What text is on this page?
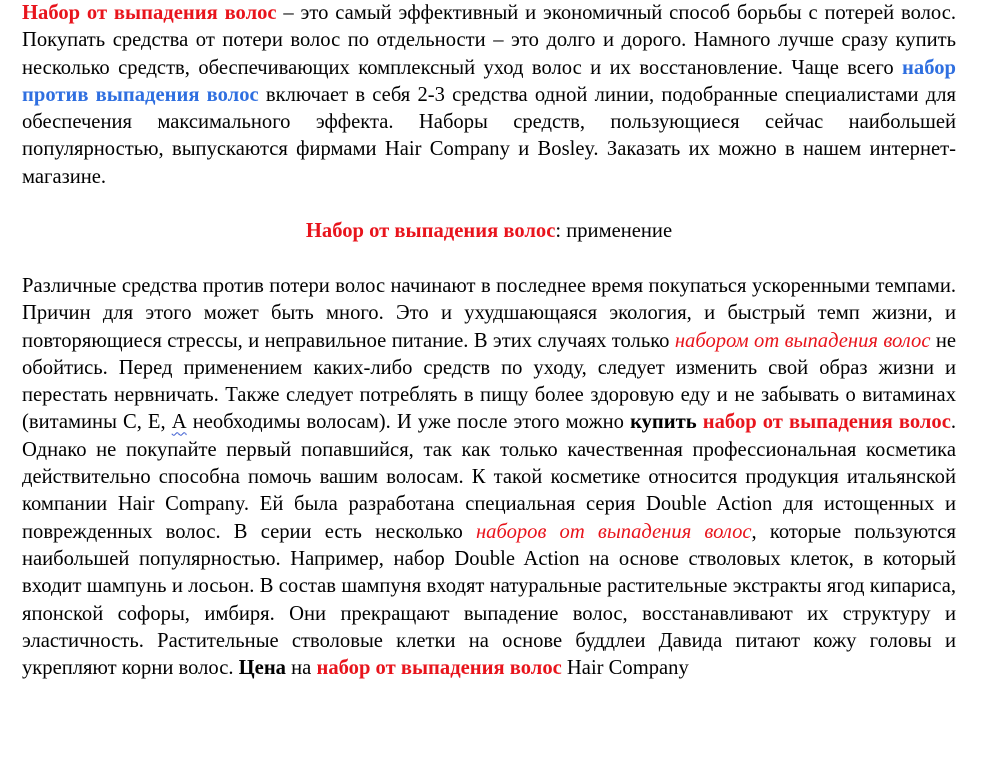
Набор от выпадения волос – это самый эффективный и экономичный способ борьбы с потерей волос. Покупать средства от потери волос по отдельности – это долго и дорого. Намного лучше сразу купить несколько средств, обеспечивающих комплексный уход волос и их восстановление. Чаще всего набор против выпадения волос включает в себя 2-3 средства одной линии, подобранные специалистами для обеспечения максимального эффекта. Наборы средств, пользующиеся сейчас наибольшей популярностью, выпускаются фирмами Hair Company и Bosley. Заказать их можно в нашем интернет-магазине.

Набор от выпадения волос: применение

Различные средства против потери волос начинают в последнее время покупаться ускоренными темпами. Причин для этого может быть много. Это и ухудшающаяся экология, и быстрый темп жизни, и повторяющиеся стрессы, и неправильное питание. В этих случаях только набором от выпадения волос не обойтись. Перед применением каких-либо средств по уходу, следует изменить свой образ жизни и перестать нервничать. Также следует потреблять в пищу более здоровую еду и не забывать о витаминах (витамины С, Е, А необходимы волосам). И уже после этого можно купить набор от выпадения волос. Однако не покупайте первый попавшийся, так как только качественная профессиональная косметика действительно способна помочь вашим волосам. К такой косметике относится продукция итальянской компании Hair Company. Ей была разработана специальная серия Double Action для истощенных и поврежденных волос. В серии есть несколько наборов от выпадения волос, которые пользуются наибольшей популярностью. Например, набор Double Action на основе стволовых клеток, в который входит шампунь и лосьон. В состав шампуня входят натуральные растительные экстракты ягод кипариса, японской софоры, имбиря. Они прекращают выпадение волос, восстанавливают их структуру и эластичность. Растительные стволовые клетки на основе буддлеи Давида питают кожу головы и укрепляют корни волос. Цена на набор от выпадения волос Hair Company
